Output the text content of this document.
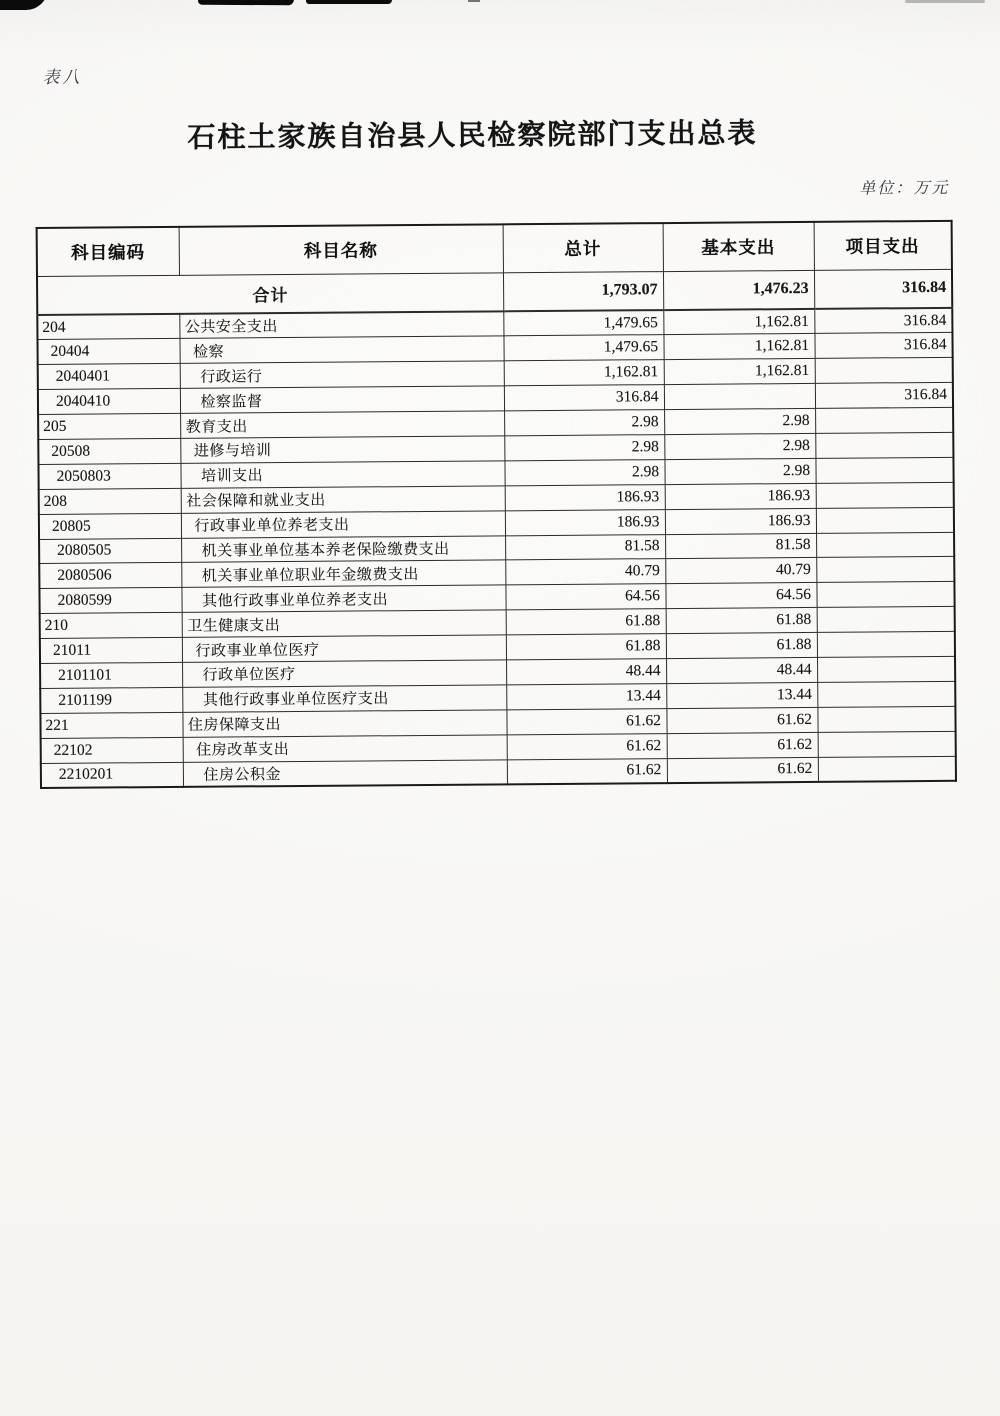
表八
石柱土家族自治县人民检察院部门支出总表
单位：万元
科目编码	科目名称	总计	基本支出	项目支出
合计		1,793.07	1,476.23	316.84
204	公共安全支出	1,479.65	1,162.81	316.84
20404	检察	1,479.65	1,162.81	316.84
2040401	行政运行	1,162.81	1,162.81	
2040410	检察监督	316.84		316.84
205	教育支出	2.98	2.98	
20508	进修与培训	2.98	2.98	
2050803	培训支出	2.98	2.98	
208	社会保障和就业支出	186.93	186.93	
20805	行政事业单位养老支出	186.93	186.93	
2080505	机关事业单位基本养老保险缴费支出	81.58	81.58	
2080506	机关事业单位职业年金缴费支出	40.79	40.79	
2080599	其他行政事业单位养老支出	64.56	64.56	
210	卫生健康支出	61.88	61.88	
21011	行政事业单位医疗	61.88	61.88	
2101101	行政单位医疗	48.44	48.44	
2101199	其他行政事业单位医疗支出	13.44	13.44	
221	住房保障支出	61.62	61.62	
22102	住房改革支出	61.62	61.62	
2210201	住房公积金	61.62	61.62	
